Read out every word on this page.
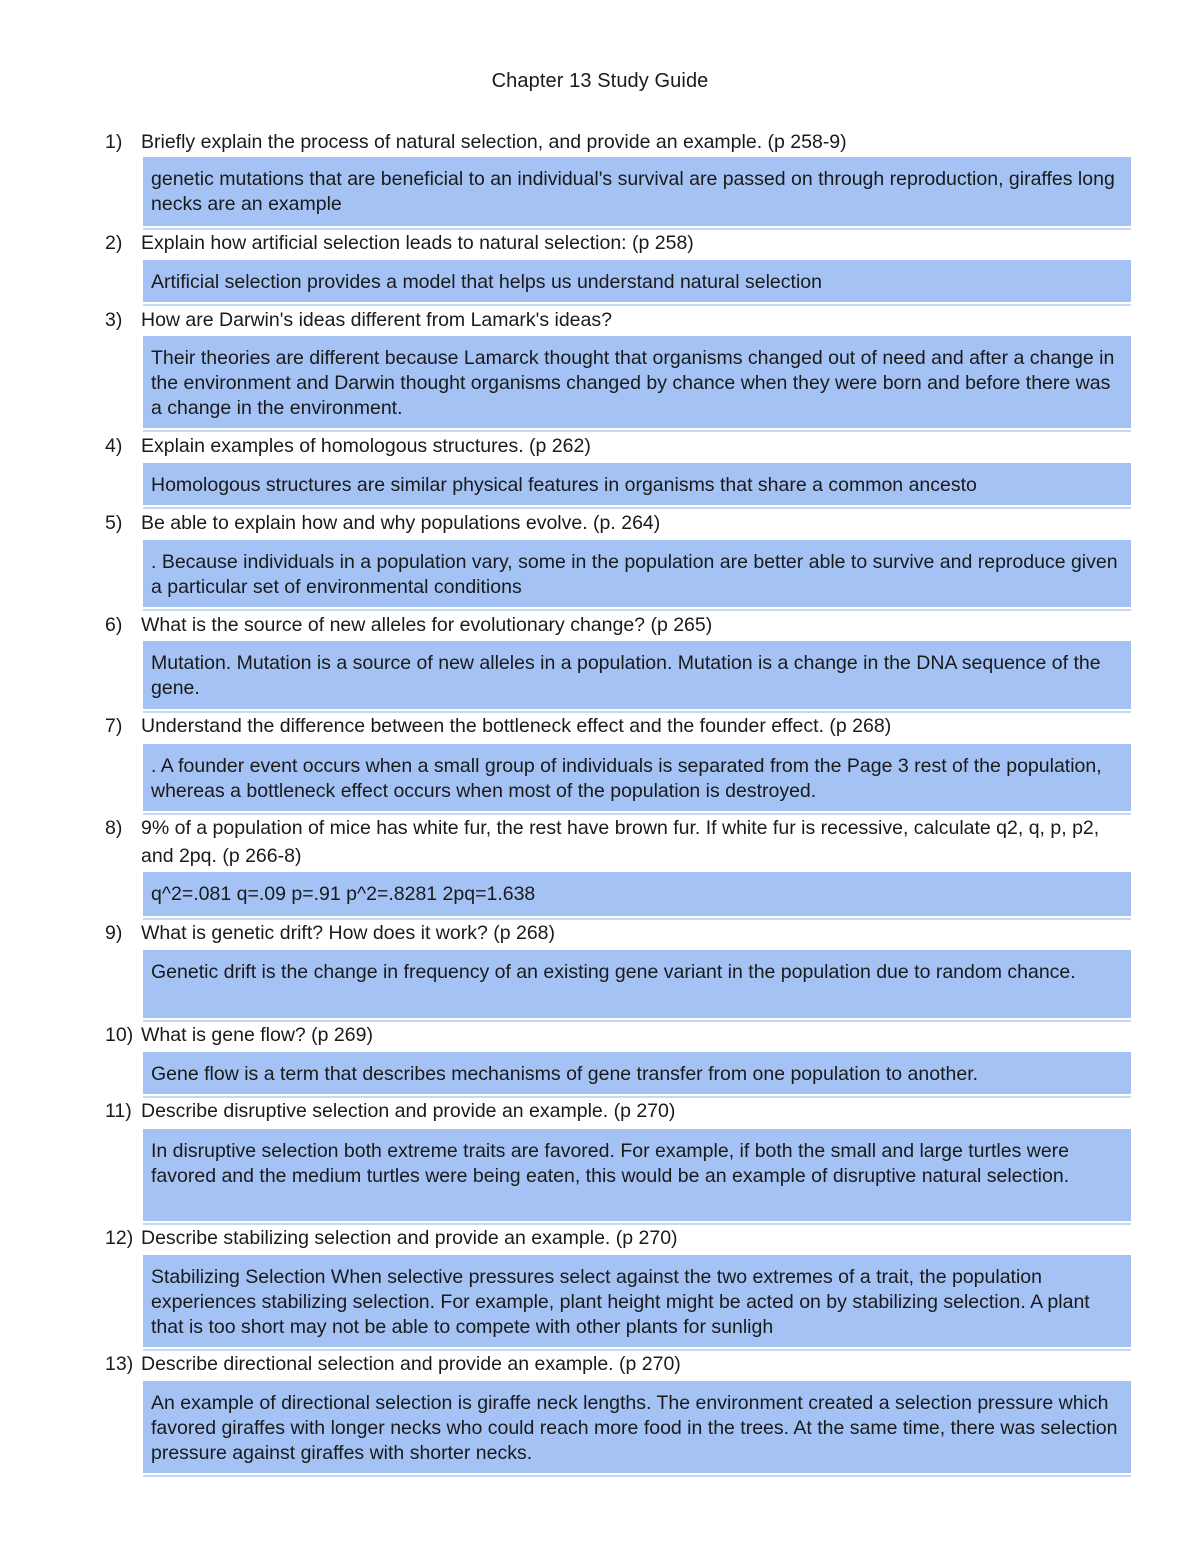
Chapter 13 Study Guide
1) Briefly explain the process of natural selection, and provide an example. (p 258-9)
genetic mutations that are beneficial to an individual's survival are passed on through reproduction, giraffes long necks are an example
2) Explain how artificial selection leads to natural selection: (p 258)
Artificial selection provides a model that helps us understand natural selection
3) How are Darwin's ideas different from Lamark's ideas?
Their theories are different because Lamarck thought that organisms changed out of need and after a change in the environment and Darwin thought organisms changed by chance when they were born and before there was a change in the environment.
4) Explain examples of homologous structures. (p 262)
Homologous structures are similar physical features in organisms that share a common ancesto
5) Be able to explain how and why populations evolve. (p. 264)
. Because individuals in a population vary, some in the population are better able to survive and reproduce given a particular set of environmental conditions
6) What is the source of new alleles for evolutionary change? (p 265)
Mutation. Mutation is a source of new alleles in a population. Mutation is a change in the DNA sequence of the gene.
7) Understand the difference between the bottleneck effect and the founder effect. (p 268)
. A founder event occurs when a small group of individuals is separated from the Page 3 rest of the population, whereas a bottleneck effect occurs when most of the population is destroyed.
8) 9% of a population of mice has white fur, the rest have brown fur. If white fur is recessive, calculate q2, q, p, p2, and 2pq. (p 266-8)
q^2=.081 q=.09 p=.91 p^2=.8281 2pq=1.638
9) What is genetic drift? How does it work? (p 268)
Genetic drift is the change in frequency of an existing gene variant in the population due to random chance.
10) What is gene flow? (p 269)
Gene flow is a term that describes mechanisms of gene transfer from one population to another.
11) Describe disruptive selection and provide an example. (p 270)
In disruptive selection both extreme traits are favored. For example, if both the small and large turtles were favored and the medium turtles were being eaten, this would be an example of disruptive natural selection.
12) Describe stabilizing selection and provide an example. (p 270)
Stabilizing Selection When selective pressures select against the two extremes of a trait, the population experiences stabilizing selection. For example, plant height might be acted on by stabilizing selection. A plant that is too short may not be able to compete with other plants for sunligh
13) Describe directional selection and provide an example. (p 270)
An example of directional selection is giraffe neck lengths. The environment created a selection pressure which favored giraffes with longer necks who could reach more food in the trees. At the same time, there was selection pressure against giraffes with shorter necks.
